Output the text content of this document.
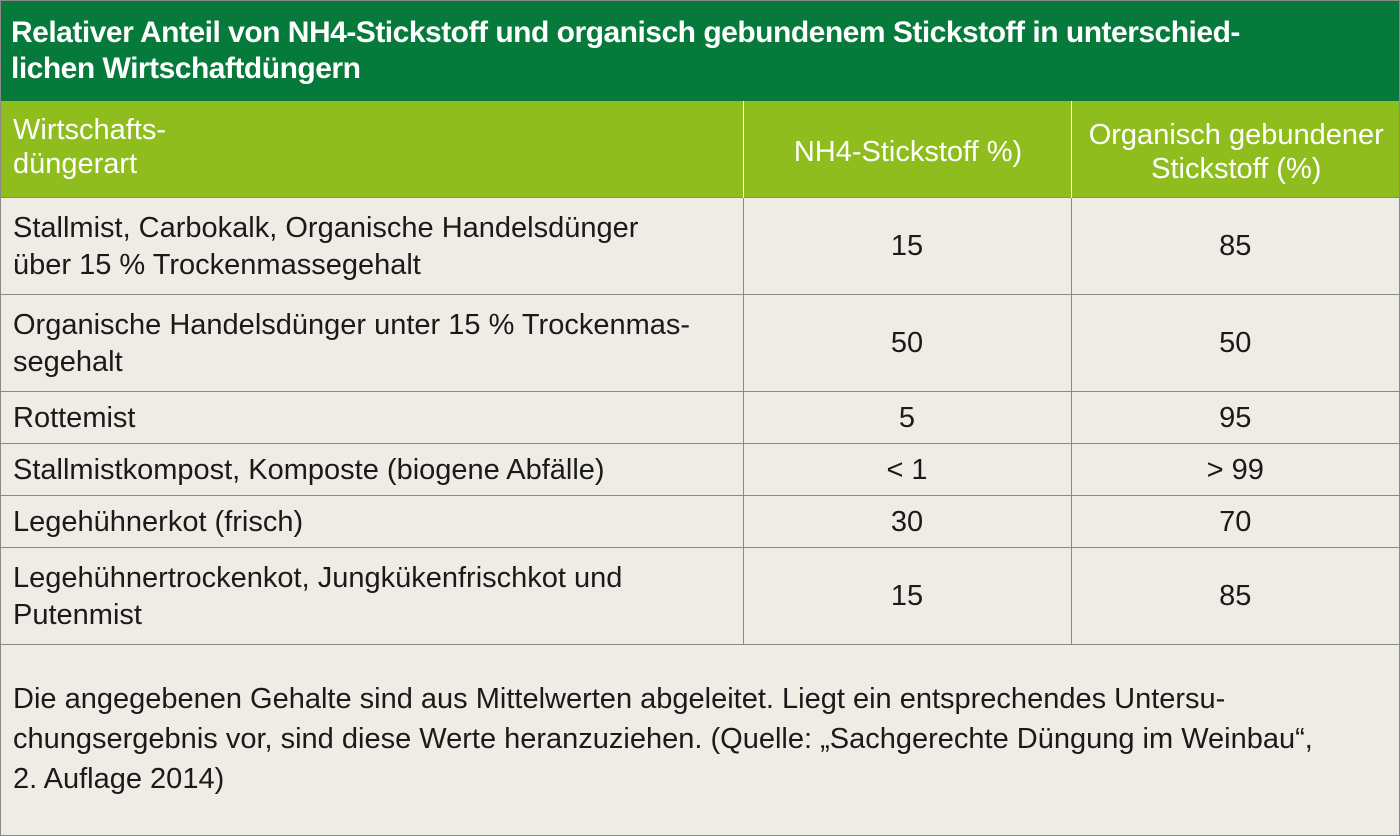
Relativer Anteil von NH4-Stickstoff und organisch gebundenem Stickstoff in unterschied-
lichen Wirtschaftdüngern
Wirtschafts-
düngerart	NH4-Stickstoff %)	Organisch gebundener
Stickstoff (%)

Stallmist, Carbokalk, Organische Handelsdünger
über 15 % Trockenmassegehalt	15	85

Organische Handelsdünger unter 15 % Trockenmas-
segehalt	50	50

Rottemist	5	95

Stallmistkompost, Komposte (biogene Abfälle)	< 1	> 99

Legehühnerkot (frisch)	30	70

Legehühnertrockenkot, Jungkükenfrischkot und
Putenmist	15	85
Die angegebenen Gehalte sind aus Mittelwerten abgeleitet. Liegt ein entsprechendes Untersu-
chungsergebnis vor, sind diese Werte heranzuziehen. (Quelle: „Sachgerechte Düngung im Weinbau“,
2. Auflage 2014)
